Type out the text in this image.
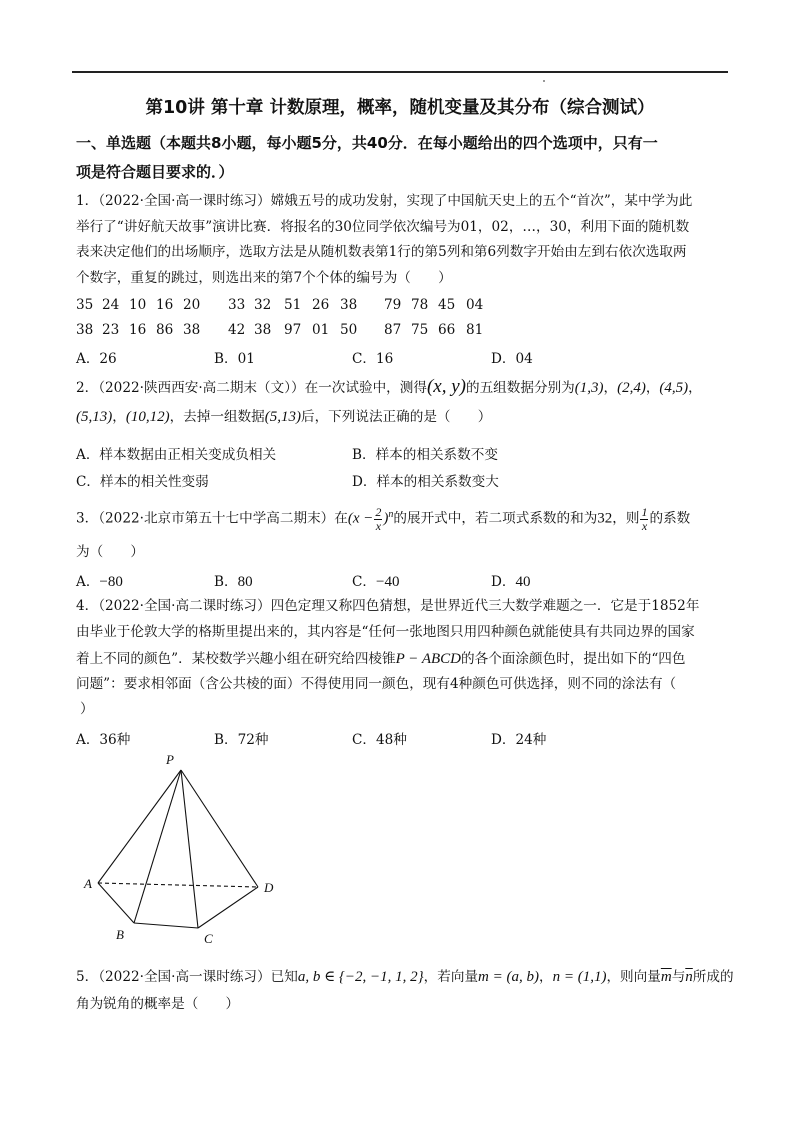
第10讲 第十章 计数原理，概率，随机变量及其分布（综合测试）
一、单选题（本题共8小题，每小题5分，共40分．在每小题给出的四个选项中，只有一
项是符合题目要求的．）
1．（2022·全国·高一课时练习）嫦娥五号的成功发射，实现了中国航天史上的五个“首次”，某中学为此
举行了“讲好航天故事”演讲比赛．将报名的30位同学依次编号为01，02，…，30，利用下面的随机数
表来决定他们的出场顺序，选取方法是从随机数表第1行的第5列和第6列数字开始由左到右依次选取两
个数字，重复的跳过，则选出来的第7个个体的编号为（　　）
35 24 10 16 20 33 32 51 26 38 79 78 45 04
38 23 16 86 38 42 38 97 01 50 87 75 66 81
A．26	B．01	C．16	D．04
2．（2022·陕西西安·高二期末（文））在一次试验中，测得(x, y)的五组数据分别为(1,3)，(2,4)，(4,5)，
(5,13)，(10,12)，去掉一组数据(5,13)后，下列说法正确的是（　　）
A．样本数据由正相关变成负相关	B．样本的相关系数不变
C．样本的相关性变弱	D．样本的相关系数变大
3．（2022·北京市第五十七中学高二期末）在$(x - \frac{2}{x} )^n$的展开式中，若二项式系数的和为32，则 $\frac{1}{x}$ 的系数
为（　　）
A．−80	B．80	C．−40	D．40
4．（2022·全国·高二课时练习）四色定理又称四色猜想，是世界近代三大数学难题之一．它是于1852年
由毕业于伦敦大学的格斯里提出来的，其内容是“任何一张地图只用四种颜色就能使具有共同边界的国家
着上不同的颜色”．某校数学兴趣小组在研究给四棱锥P − ABCD的各个面涂颜色时，提出如下的“四色
问题”：要求相邻面（含公共棱的面）不得使用同一颜色，现有4种颜色可供选择，则不同的涂法有（
）
A．36种	B．72种	C．48种	D．24种
P
A
B	C
D
5．（2022·全国·高一课时练习）已知a, b ∈ {−2, −1, 1, 2}，若向量m = (a, b)，n = (1,1)，则向量$\overline{m}$与$\overline{n}$所成的
角为锐角的概率是（　　）
